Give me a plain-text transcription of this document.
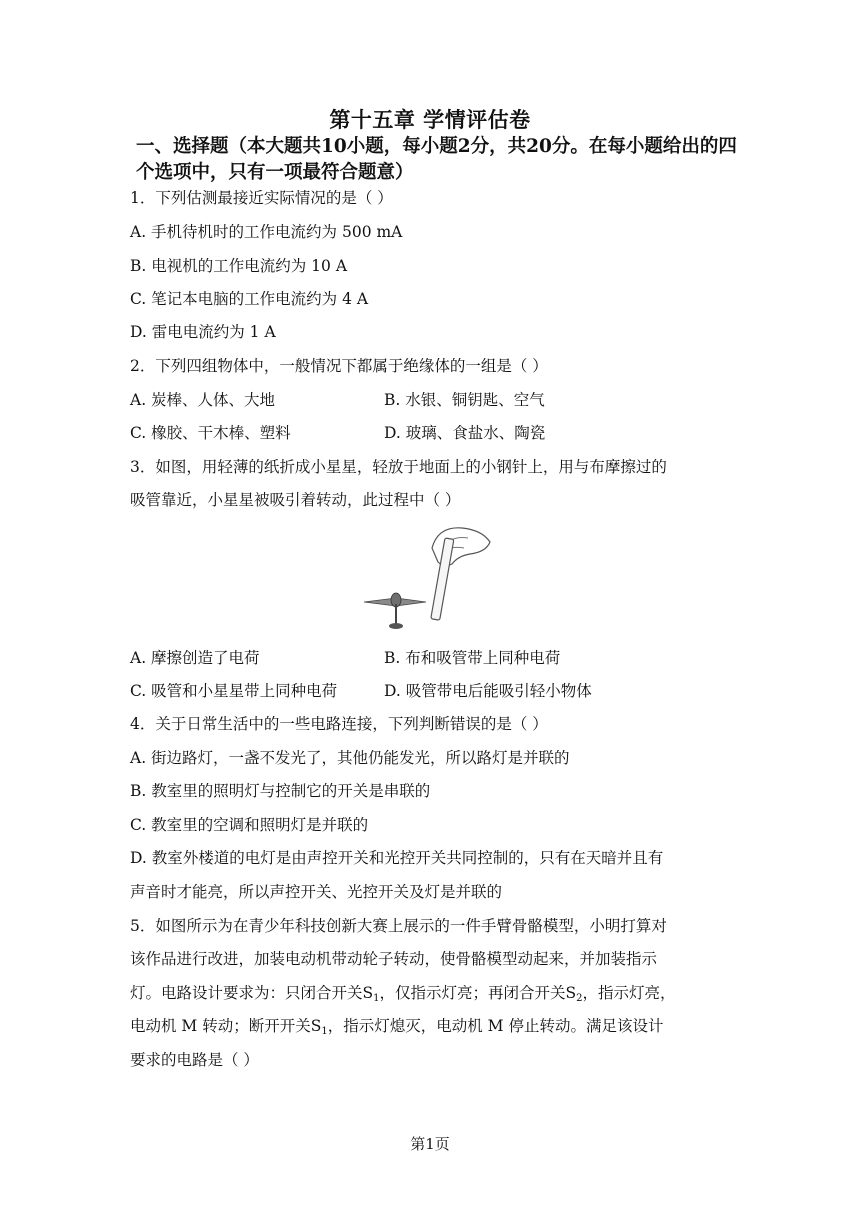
第十五章 学情评估卷
一、选择题（本大题共10小题，每小题2分，共20分。在每小题给出的四个选项中，只有一项最符合题意）
1．下列估测最接近实际情况的是（ ）
A. 手机待机时的工作电流约为 500 mA
B. 电视机的工作电流约为 10 A
C. 笔记本电脑的工作电流约为 4 A
D. 雷电电流约为 1 A
2．下列四组物体中，一般情况下都属于绝缘体的一组是（ ）
A. 炭棒、人体、大地	B. 水银、铜钥匙、空气
C. 橡胶、干木棒、塑料	D. 玻璃、食盐水、陶瓷
3．如图，用轻薄的纸折成小星星，轻放于地面上的小钢针上，用与布摩擦过的
吸管靠近，小星星被吸引着转动，此过程中（ ）
A. 摩擦创造了电荷	B. 布和吸管带上同种电荷
C. 吸管和小星星带上同种电荷	D. 吸管带电后能吸引轻小物体
4．关于日常生活中的一些电路连接，下列判断错误的是（ ）
A. 街边路灯，一盏不发光了，其他仍能发光，所以路灯是并联的
B. 教室里的照明灯与控制它的开关是串联的
C. 教室里的空调和照明灯是并联的
D. 教室外楼道的电灯是由声控开关和光控开关共同控制的，只有在天暗并且有
声音时才能亮，所以声控开关、光控开关及灯是并联的
5．如图所示为在青少年科技创新大赛上展示的一件手臂骨骼模型，小明打算对
该作品进行改进，加装电动机带动轮子转动，使骨骼模型动起来，并加装指示
灯。电路设计要求为：只闭合开关$S_1$，仅指示灯亮；再闭合开关$S_2$，指示灯亮，
电动机 M 转动；断开开关$S_1$，指示灯熄灭，电动机 M 停止转动。满足该设计
要求的电路是（ ）
第1页
